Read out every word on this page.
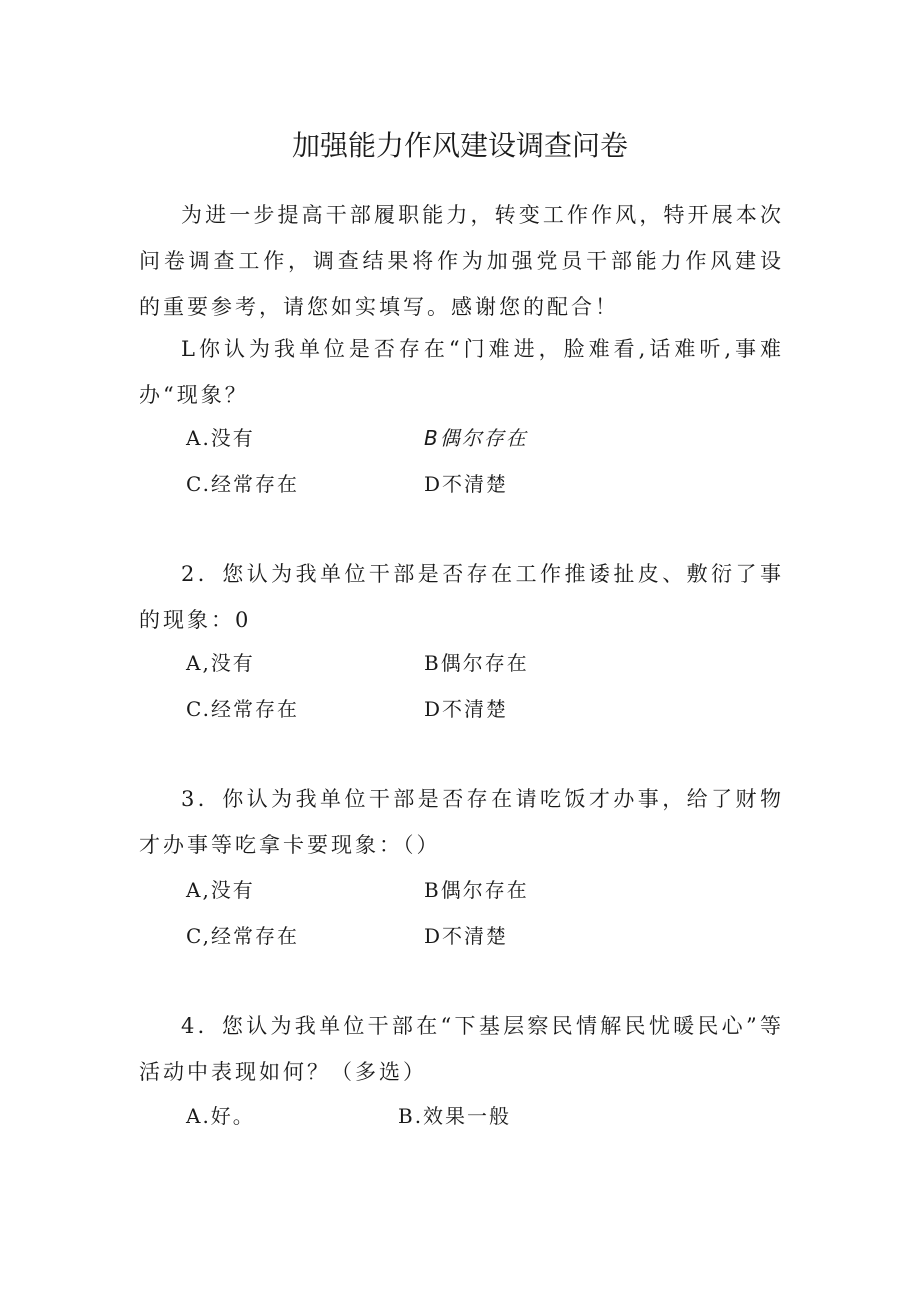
加强能力作风建设调查问卷

为进一步提高干部履职能力，转变工作作风，特开展本次问卷调查工作，调查结果将作为加强党员干部能力作风建设的重要参考，请您如实填写。感谢您的配合！

L你认为我单位是否存在“门难进，脸难看,话难听,事难办“现象？

A.没有	B偶尔存在
C.经常存在	D不清楚

2．您认为我单位干部是否存在工作推诿扯皮、敷衍了事的现象：0

A,没有	B偶尔存在
C.经常存在	D不清楚

3．你认为我单位干部是否存在请吃饭才办事，给了财物才办事等吃拿卡要现象：（）

A,没有	B偶尔存在
C,经常存在	D不清楚

4．您认为我单位干部在“下基层察民情解民忧暖民心”等活动中表现如何？（多选）

A.好。	B.效果一般
